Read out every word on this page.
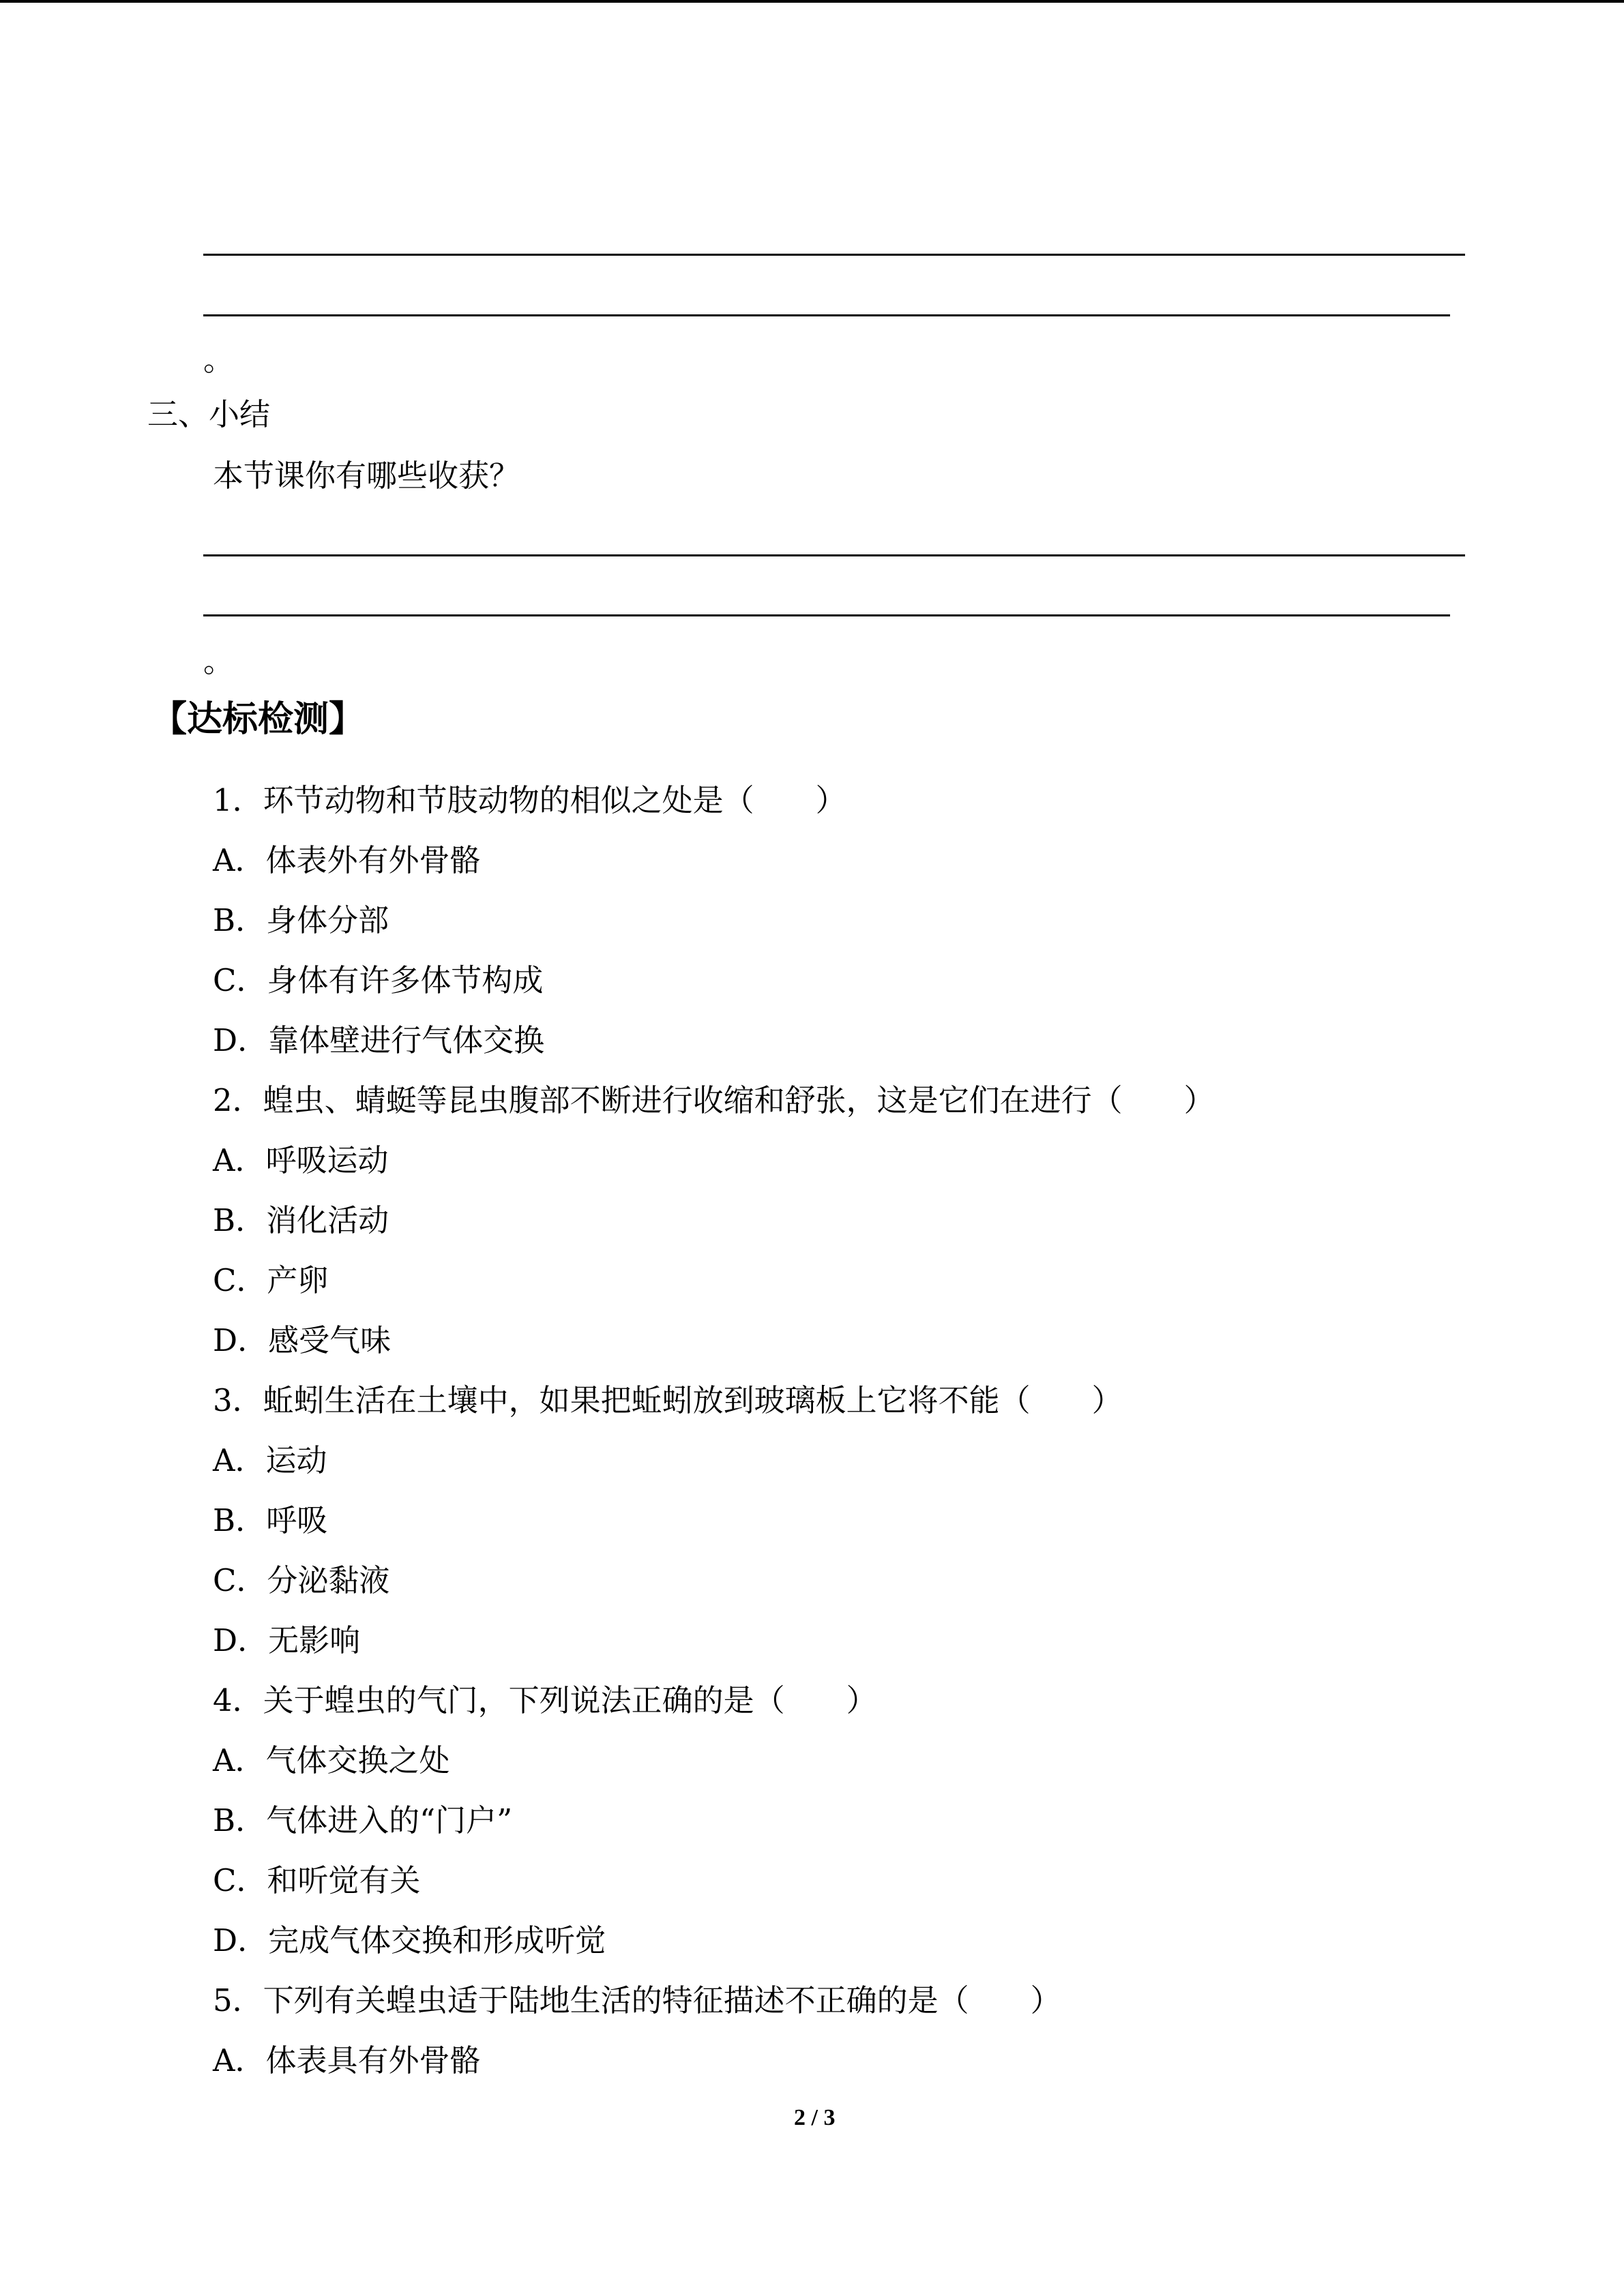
。
三、小结
本节课你有哪些收获？
。
【达标检测】
1．环节动物和节肢动物的相似之处是（　　）
A．体表外有外骨骼
B．身体分部
C．身体有许多体节构成
D．靠体壁进行气体交换
2．蝗虫、蜻蜓等昆虫腹部不断进行收缩和舒张，这是它们在进行（　　）
A．呼吸运动
B．消化活动
C．产卵
D．感受气味
3．蚯蚓生活在土壤中，如果把蚯蚓放到玻璃板上它将不能（　　）
A．运动
B．呼吸
C．分泌黏液
D．无影响
4．关于蝗虫的气门，下列说法正确的是（　　）
A．气体交换之处
B．气体进入的“门户”
C．和听觉有关
D．完成气体交换和形成听觉
5．下列有关蝗虫适于陆地生活的特征描述不正确的是（　　）
A．体表具有外骨骼
2 / 3
